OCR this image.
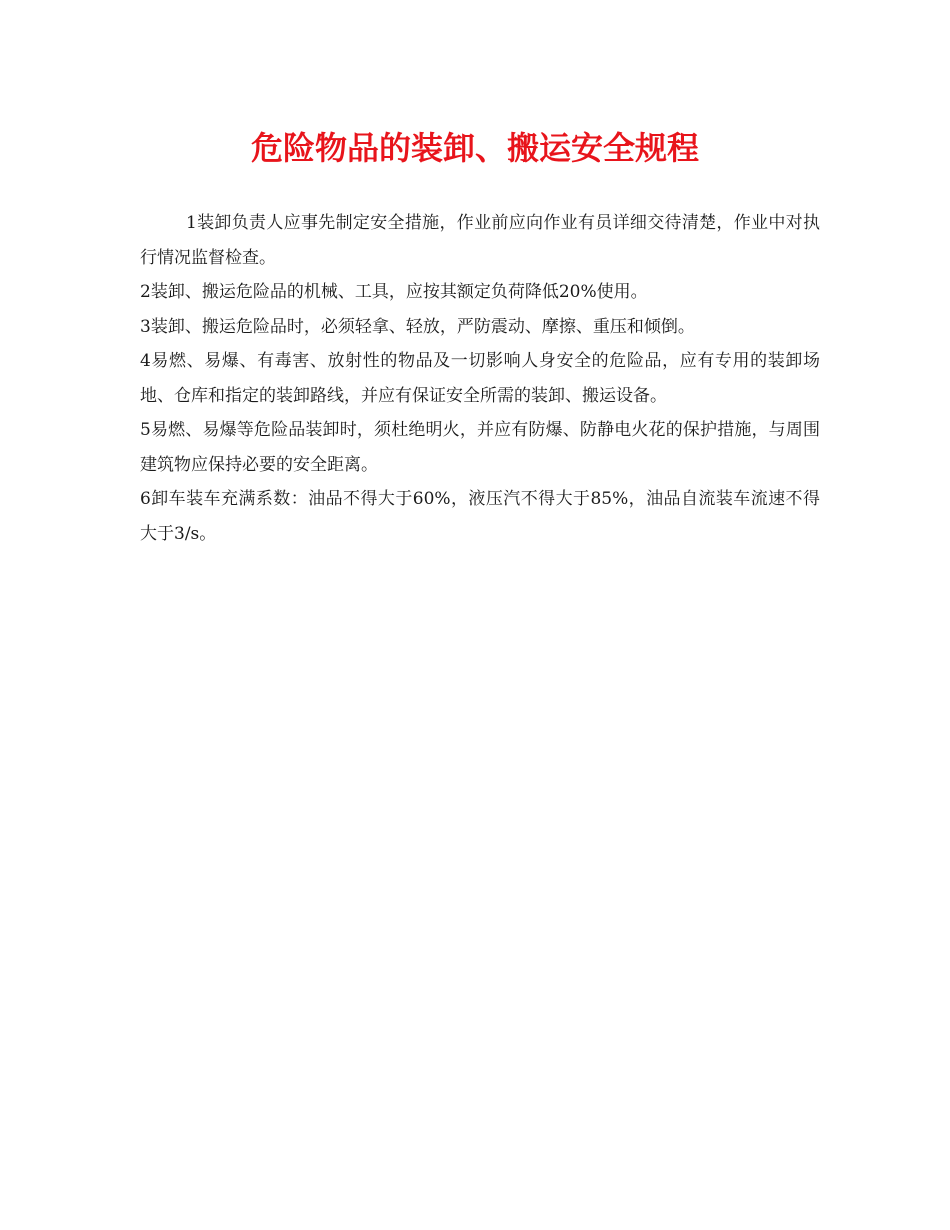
危险物品的装卸、搬运安全规程

1装卸负责人应事先制定安全措施，作业前应向作业有员详细交待清楚，作业中对执行情况监督检查。

2装卸、搬运危险品的机械、工具，应按其额定负荷降低20%使用。

3装卸、搬运危险品时，必须轻拿、轻放，严防震动、摩擦、重压和倾倒。

4易燃、易爆、有毒害、放射性的物品及一切影响人身安全的危险品，应有专用的装卸场地、仓库和指定的装卸路线，并应有保证安全所需的装卸、搬运设备。

5易燃、易爆等危险品装卸时，须杜绝明火，并应有防爆、防静电火花的保护措施，与周围建筑物应保持必要的安全距离。

6卸车装车充满系数：油品不得大于60%，液压汽不得大于85%，油品自流装车流速不得大于3/s。
